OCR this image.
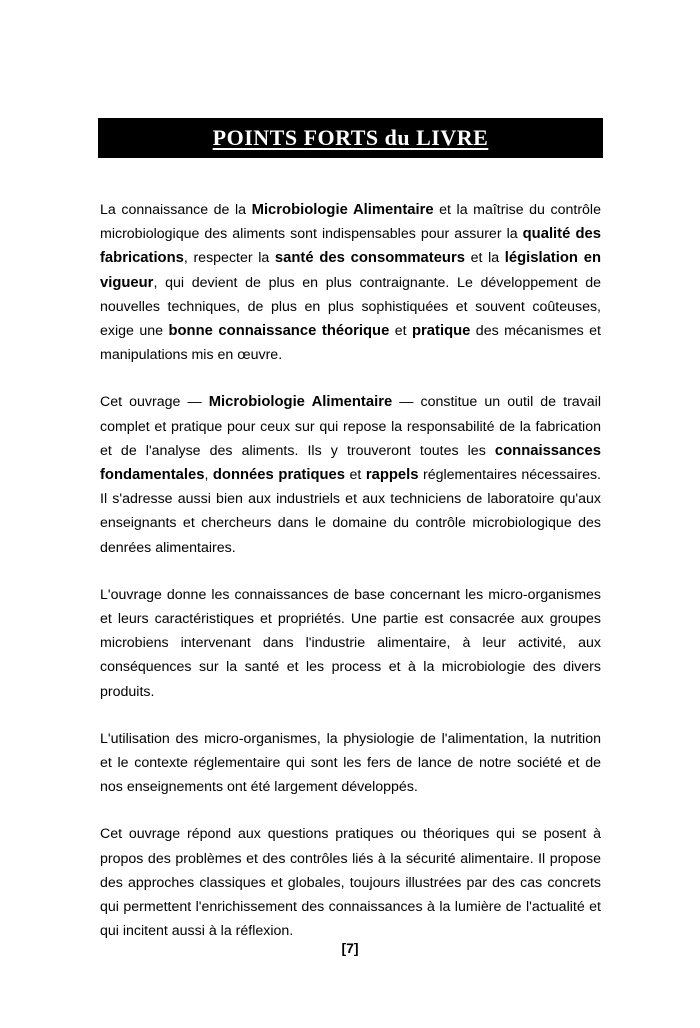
POINTS FORTS du LIVRE

La connaissance de la Microbiologie Alimentaire et la maîtrise du contrôle microbiologique des aliments sont indispensables pour assurer la qualité des fabrications, respecter la santé des consommateurs et la législation en vigueur, qui devient de plus en plus contraignante. Le développement de nouvelles techniques, de plus en plus sophistiquées et souvent coûteuses, exige une bonne connaissance théorique et pratique des mécanismes et manipulations mis en œuvre.

Cet ouvrage — Microbiologie Alimentaire — constitue un outil de travail complet et pratique pour ceux sur qui repose la responsabilité de la fabrication et de l'analyse des aliments. Ils y trouveront toutes les connaissances fondamentales, données pratiques et rappels réglementaires nécessaires. Il s'adresse aussi bien aux industriels et aux techniciens de laboratoire qu'aux enseignants et chercheurs dans le domaine du contrôle microbiologique des denrées alimentaires.

L'ouvrage donne les connaissances de base concernant les micro-organismes et leurs caractéristiques et propriétés. Une partie est consacrée aux groupes microbiens intervenant dans l'industrie alimentaire, à leur activité, aux conséquences sur la santé et les process et à la microbiologie des divers produits.

L'utilisation des micro-organismes, la physiologie de l'alimentation, la nutrition et le contexte réglementaire qui sont les fers de lance de notre société et de nos enseignements ont été largement développés.

Cet ouvrage répond aux questions pratiques ou théoriques qui se posent à propos des problèmes et des contrôles liés à la sécurité alimentaire. Il propose des approches classiques et globales, toujours illustrées par des cas concrets qui permettent l'enrichissement des connaissances à la lumière de l'actualité et qui incitent aussi à la réflexion.

[7]
